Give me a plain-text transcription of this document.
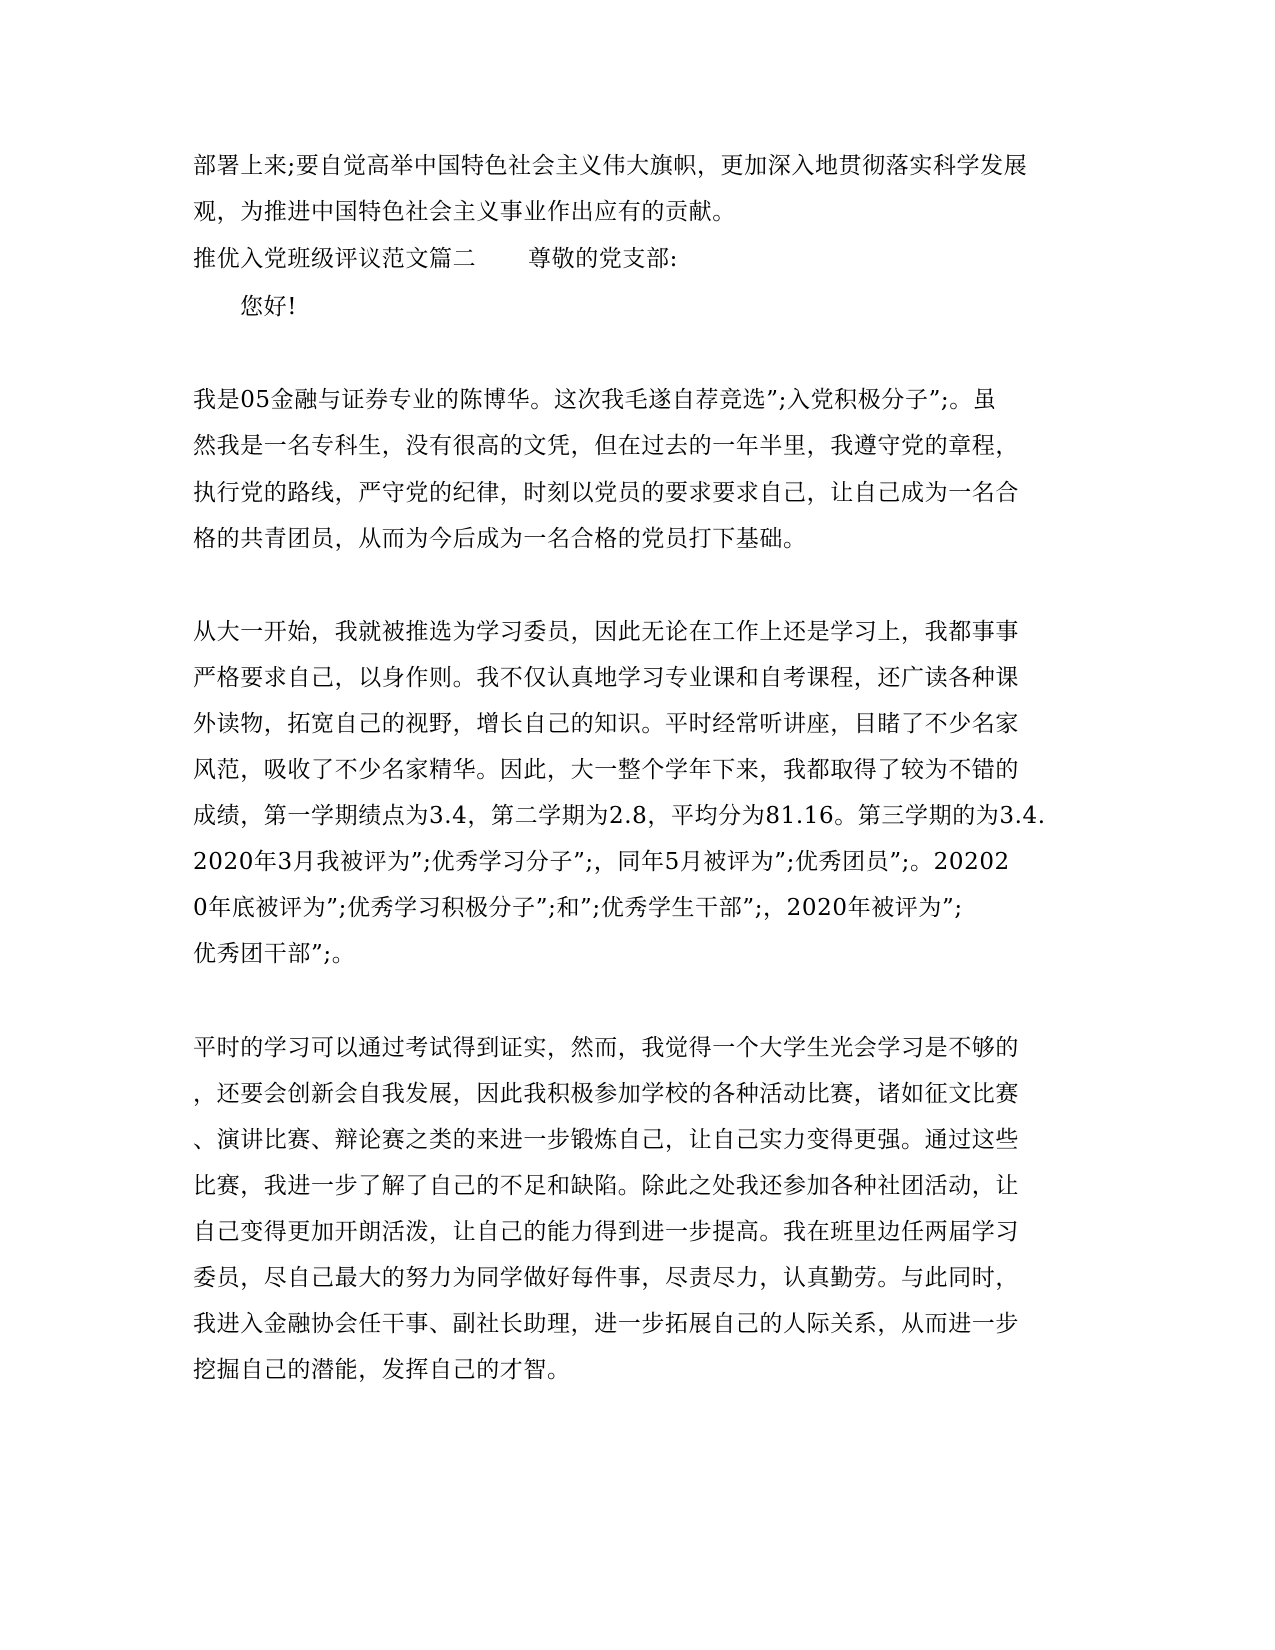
部署上来;要自觉高举中国特色社会主义伟大旗帜，更加深入地贯彻落实科学发展
观，为推进中国特色社会主义事业作出应有的贡献。
推优入党班级评议范文篇二 尊敬的党支部:
您好!
我是05金融与证券专业的陈博华。这次我毛遂自荐竞选”;入党积极分子”;。虽
然我是一名专科生，没有很高的文凭，但在过去的一年半里，我遵守党的章程，
执行党的路线，严守党的纪律，时刻以党员的要求要求自己，让自己成为一名合
格的共青团员，从而为今后成为一名合格的党员打下基础。
从大一开始，我就被推选为学习委员，因此无论在工作上还是学习上，我都事事
严格要求自己，以身作则。我不仅认真地学习专业课和自考课程，还广读各种课
外读物，拓宽自己的视野，增长自己的知识。平时经常听讲座，目睹了不少名家
风范，吸收了不少名家精华。因此，大一整个学年下来，我都取得了较为不错的
成绩，第一学期绩点为3.4，第二学期为2.8，平均分为81.16。第三学期的为3.4.
2020年3月我被评为”;优秀学习分子”;，同年5月被评为”;优秀团员”;。20202
0年底被评为”;优秀学习积极分子”;和”;优秀学生干部”;，2020年被评为”;
优秀团干部”;。
平时的学习可以通过考试得到证实，然而，我觉得一个大学生光会学习是不够的
，还要会创新会自我发展，因此我积极参加学校的各种活动比赛，诸如征文比赛
、演讲比赛、辩论赛之类的来进一步锻炼自己，让自己实力变得更强。通过这些
比赛，我进一步了解了自己的不足和缺陷。除此之处我还参加各种社团活动，让
自己变得更加开朗活泼，让自己的能力得到进一步提高。我在班里边任两届学习
委员，尽自己最大的努力为同学做好每件事，尽责尽力，认真勤劳。与此同时，
我进入金融协会任干事、副社长助理，进一步拓展自己的人际关系，从而进一步
挖掘自己的潜能，发挥自己的才智。
